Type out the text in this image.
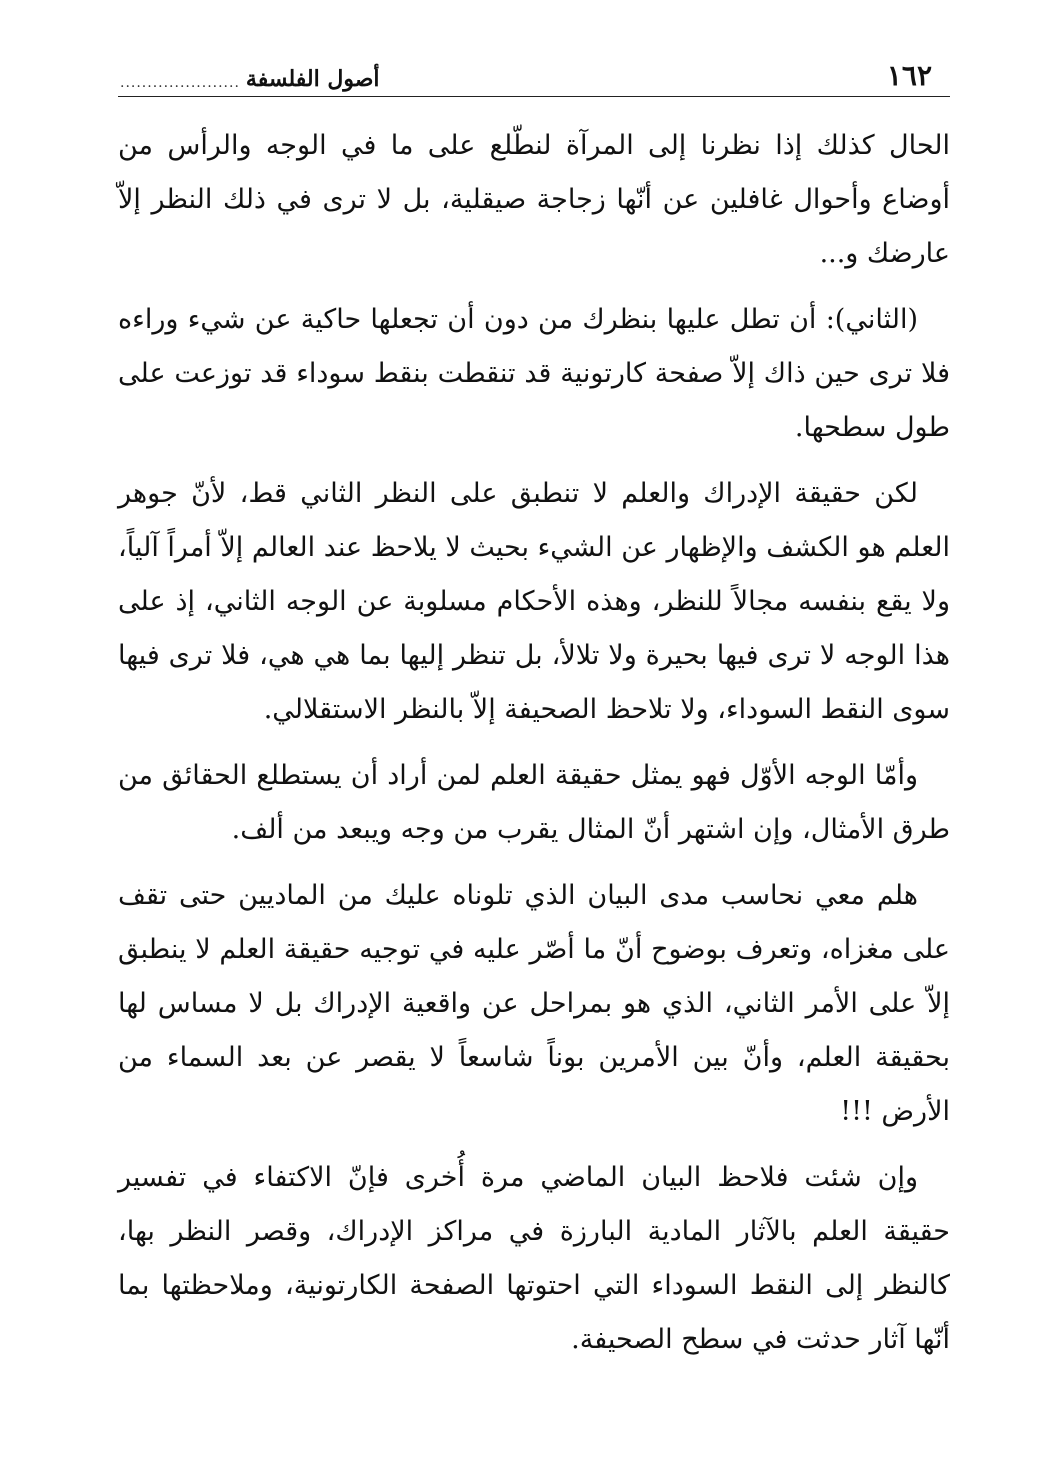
١٦٢
أصول الفلسفة
......................

الحال كذلك إذا نظرنا إلى المرآة لنطّلع على ما في الوجه والرأس من أوضاع وأحوال غافلين عن أنّها زجاجة صيقلية، بل لا ترى في ذلك النظر إلاّ عارضك و...

(الثاني): أن تطل عليها بنظرك من دون أن تجعلها حاكية عن شيء وراءه فلا ترى حين ذاك إلاّ صفحة كارتونية قد تنقطت بنقط سوداء قد توزعت على طول سطحها.

لكن حقيقة الإدراك والعلم لا تنطبق على النظر الثاني قط، لأنّ جوهر العلم هو الكشف والإظهار عن الشيء بحيث لا يلاحظ عند العالم إلاّ أمراً آلياً، ولا يقع بنفسه مجالاً للنظر، وهذه الأحكام مسلوبة عن الوجه الثاني، إذ على هذا الوجه لا ترى فيها بحيرة ولا تلالأ، بل تنظر إليها بما هي هي، فلا ترى فيها سوى النقط السوداء، ولا تلاحظ الصحيفة إلاّ بالنظر الاستقلالي.

وأمّا الوجه الأوّل فهو يمثل حقيقة العلم لمن أراد أن يستطلع الحقائق من طرق الأمثال، وإن اشتهر أنّ المثال يقرب من وجه ويبعد من ألف.

هلم معي نحاسب مدى البيان الذي تلوناه عليك من الماديين حتى تقف على مغزاه، وتعرف بوضوح أنّ ما أصّر عليه في توجيه حقيقة العلم لا ينطبق إلاّ على الأمر الثاني، الذي هو بمراحل عن واقعية الإدراك بل لا مساس لها بحقيقة العلم، وأنّ بين الأمرين بوناً شاسعاً لا يقصر عن بعد السماء من الأرض !!!

وإن شئت فلاحظ البيان الماضي مرة أُخرى فإنّ الاكتفاء في تفسير حقيقة العلم بالآثار المادية البارزة في مراكز الإدراك، وقصر النظر بها، كالنظر إلى النقط السوداء التي احتوتها الصفحة الكارتونية، وملاحظتها بما أنّها آثار حدثت في سطح الصحيفة.
